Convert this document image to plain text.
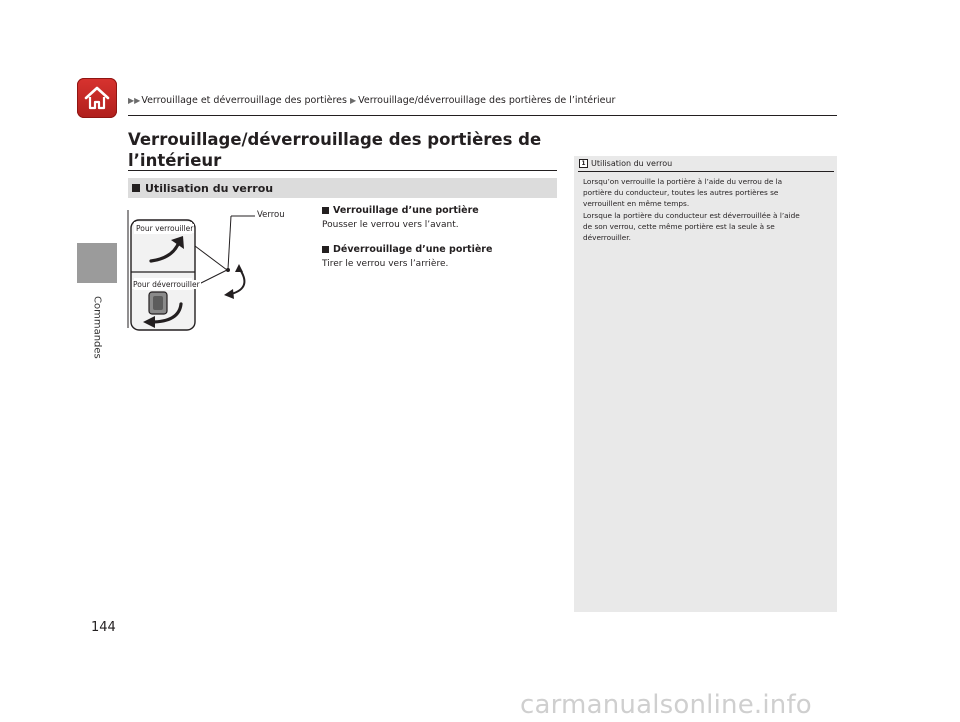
Commandes
144
▶▶ Verrouillage et déverrouillage des portières ▶ Verrouillage/déverrouillage des portières de l’intérieur
Verrouillage/déverrouillage des portières de
l’intérieur
Utilisation du verrou
Pour verrouiller
Pour déverrouiller
Verrou	Verrouillage d’une portière
Pousser le verrou vers l’avant.
Déverrouillage d’une portière
Tirer le verrou vers l’arrière.
1 Utilisation du verrou
Lorsqu’on verrouille la portière à l’aide du verrou de la
portière du conducteur, toutes les autres portières se
verrouillent en même temps.
Lorsque la portière du conducteur est déverrouillée à l’aide
de son verrou, cette même portière est la seule à se
déverrouiller.
carmanualsonline.info
